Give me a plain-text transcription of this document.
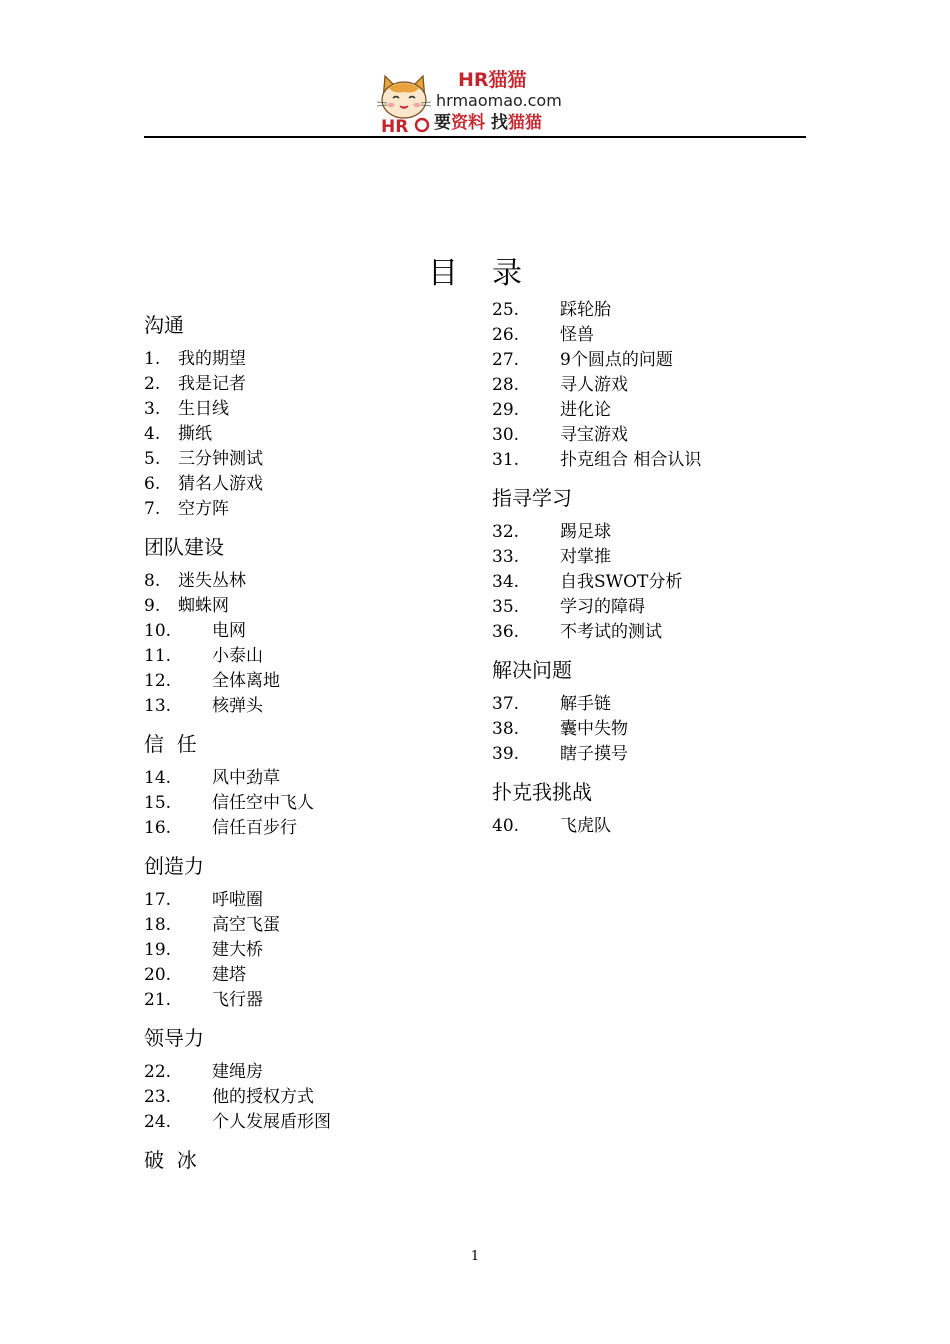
HR
HR猫猫
hrmaomao.com
要资料 找猫猫
目录
沟通
1.	我的期望
2.	我是记者
3.	生日线
4.	撕纸
5.	三分钟测试
6.	猜名人游戏
7.	空方阵
团队建设
8.	迷失丛林
9.	蜘蛛网
10.	电网
11.	小泰山
12.	全体离地
13.	核弹头
信  任
14.	风中劲草
15.	信任空中飞人
16.	信任百步行
创造力
17.	呼啦圈
18.	高空飞蛋
19.	建大桥
20.	建塔
21.	飞行器
领导力
22.	建绳房
23.	他的授权方式
24.	个人发展盾形图
破  冰
25.	踩轮胎
26.	怪兽
27.	9个圆点的问题
28.	寻人游戏
29.	进化论
30.	寻宝游戏
31.	扑克组合 相合认识
指寻学习
32.	踢足球
33.	对掌推
34.	自我SWOT分析
35.	学习的障碍
36.	不考试的测试
解决问题
37.	解手链
38.	囊中失物
39.	瞎子摸号
扑克我挑战
40.	飞虎队
1
